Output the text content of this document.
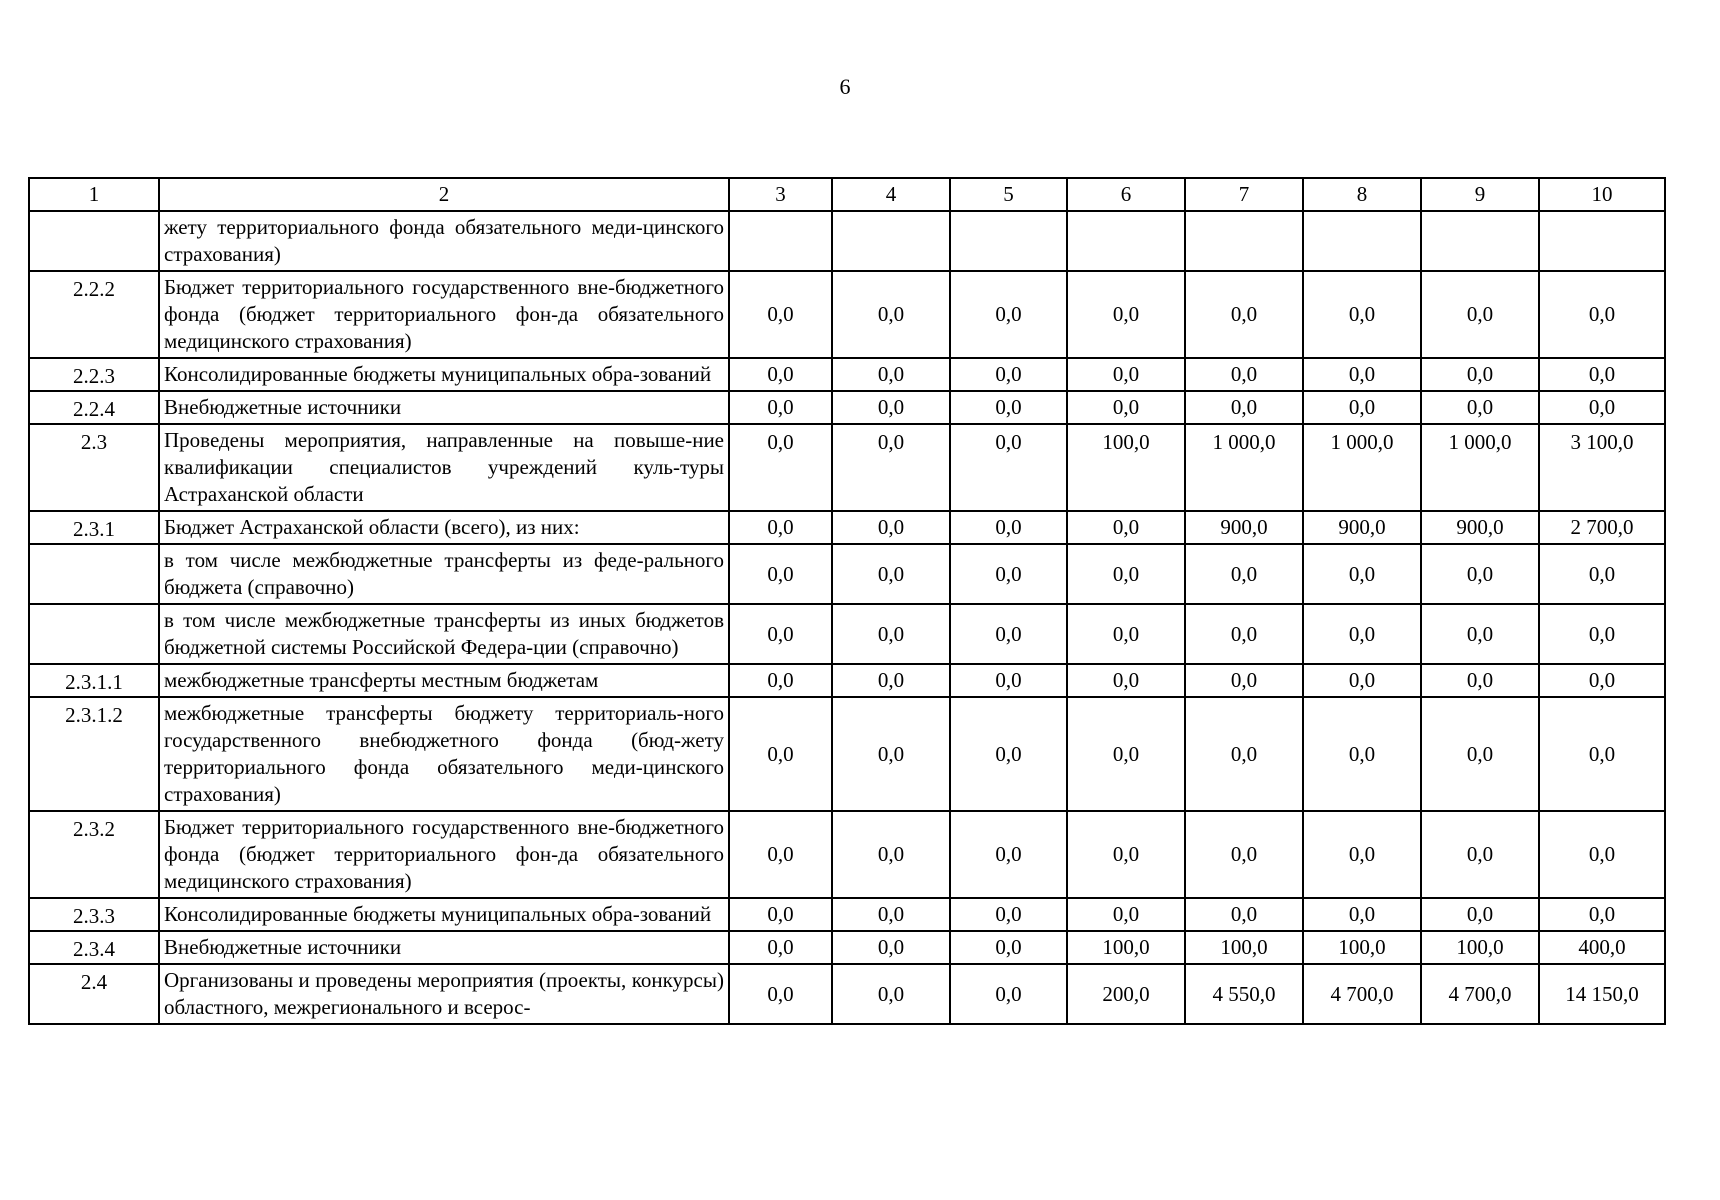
6
1	2	3	4	5	6	7	8	9	10
	жету территориального фонда обязательного меди-цинского страхования)								
2.2.2	Бюджет территориального государственного вне-бюджетного фонда (бюджет территориального фон-да обязательного медицинского страхования)	0,0	0,0	0,0	0,0	0,0	0,0	0,0	0,0
2.2.3	Консолидированные бюджеты муниципальных обра-зований	0,0	0,0	0,0	0,0	0,0	0,0	0,0	0,0
2.2.4	Внебюджетные источники	0,0	0,0	0,0	0,0	0,0	0,0	0,0	0,0
2.3	Проведены мероприятия, направленные на повыше-ние квалификации специалистов учреждений куль-туры Астраханской области	0,0	0,0	0,0	100,0	1 000,0	1 000,0	1 000,0	3 100,0
2.3.1	Бюджет Астраханской области (всего), из них:	0,0	0,0	0,0	0,0	900,0	900,0	900,0	2 700,0
	в том числе межбюджетные трансферты из феде-рального бюджета (справочно)	0,0	0,0	0,0	0,0	0,0	0,0	0,0	0,0
	в том числе межбюджетные трансферты из иных бюджетов бюджетной системы Российской Федера-ции (справочно)	0,0	0,0	0,0	0,0	0,0	0,0	0,0	0,0
2.3.1.1	межбюджетные трансферты местным бюджетам	0,0	0,0	0,0	0,0	0,0	0,0	0,0	0,0
2.3.1.2	межбюджетные трансферты бюджету территориаль-ного государственного внебюджетного фонда (бюд-жету территориального фонда обязательного меди-цинского страхования)	0,0	0,0	0,0	0,0	0,0	0,0	0,0	0,0
2.3.2	Бюджет территориального государственного вне-бюджетного фонда (бюджет территориального фон-да обязательного медицинского страхования)	0,0	0,0	0,0	0,0	0,0	0,0	0,0	0,0
2.3.3	Консолидированные бюджеты муниципальных обра-зований	0,0	0,0	0,0	0,0	0,0	0,0	0,0	0,0
2.3.4	Внебюджетные источники	0,0	0,0	0,0	100,0	100,0	100,0	100,0	400,0
2.4	Организованы и проведены мероприятия (проекты, конкурсы) областного, межрегионального и всерос-	0,0	0,0	0,0	200,0	4 550,0	4 700,0	4 700,0	14 150,0
